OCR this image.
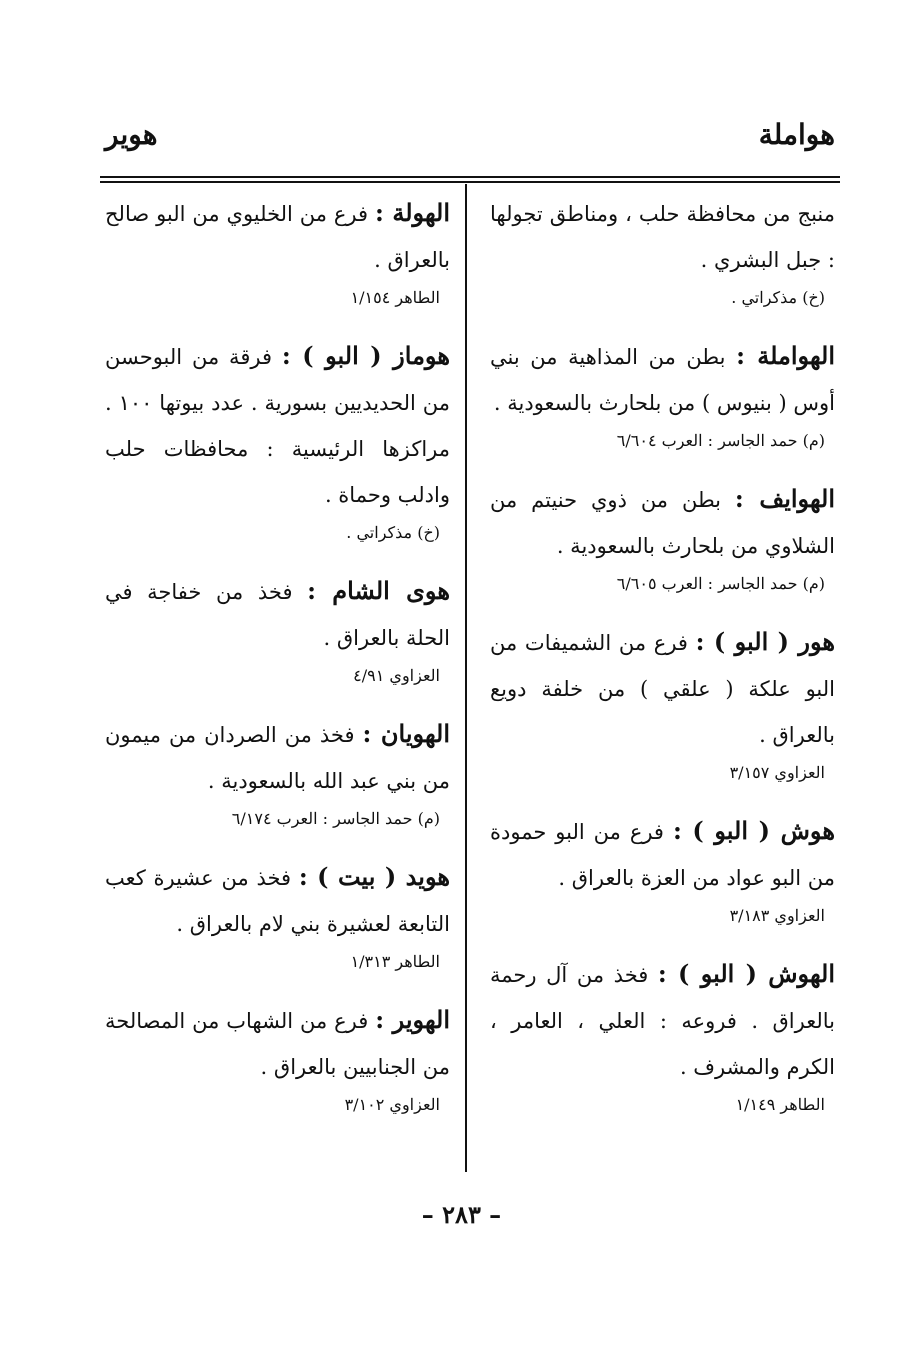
هواملة
هوير
منبج من محافظة حلب ، ومناطق تجولها : جبل البشري .
(خ) مذكراتي .
الهواملة : بطن من المذاهية من بني أوس ( بنيوس ) من بلحارث بالسعودية .
(م) حمد الجاسر : العرب ٦/٦٠٤
الهوايف : بطن من ذوي حنيتم من الشلاوي من بلحارث بالسعودية .
(م) حمد الجاسر : العرب ٦/٦٠٥
هور ( البو ) : فرع من الشميفات من البو علكة ( علقي ) من خلفة دويع بالعراق .
العزاوي ٣/١٥٧
هوش ( البو ) : فرع من البو حمودة من البو عواد من العزة بالعراق .
العزاوي ٣/١٨٣
الهوش ( البو ) : فخذ من آل رحمة بالعراق . فروعه : العلي ، العامر ، الكرم والمشرف .
الطاهر ١/١٤٩
الهولة : فرع من الخليوي من البو صالح بالعراق .
الطاهر ١/١٥٤
هوماز ( البو ) : فرقة من البوحسن من الحديديين بسورية . عدد بيوتها ١٠٠ . مراكزها الرئيسية : محافظات حلب وادلب وحماة .
(خ) مذكراتي .
هوى الشام : فخذ من خفاجة في الحلة بالعراق .
العزاوي ٤/٩١
الهويان : فخذ من الصردان من ميمون من بني عبد الله بالسعودية .
(م) حمد الجاسر : العرب ٦/١٧٤
هويد ( بيت ) : فخذ من عشيرة كعب التابعة لعشيرة بني لام بالعراق .
الطاهر ١/٣١٣
الهوير : فرع من الشهاب من المصالحة من الجنابيين بالعراق .
العزاوي ٣/١٠٢
– ٢٨٣ –
